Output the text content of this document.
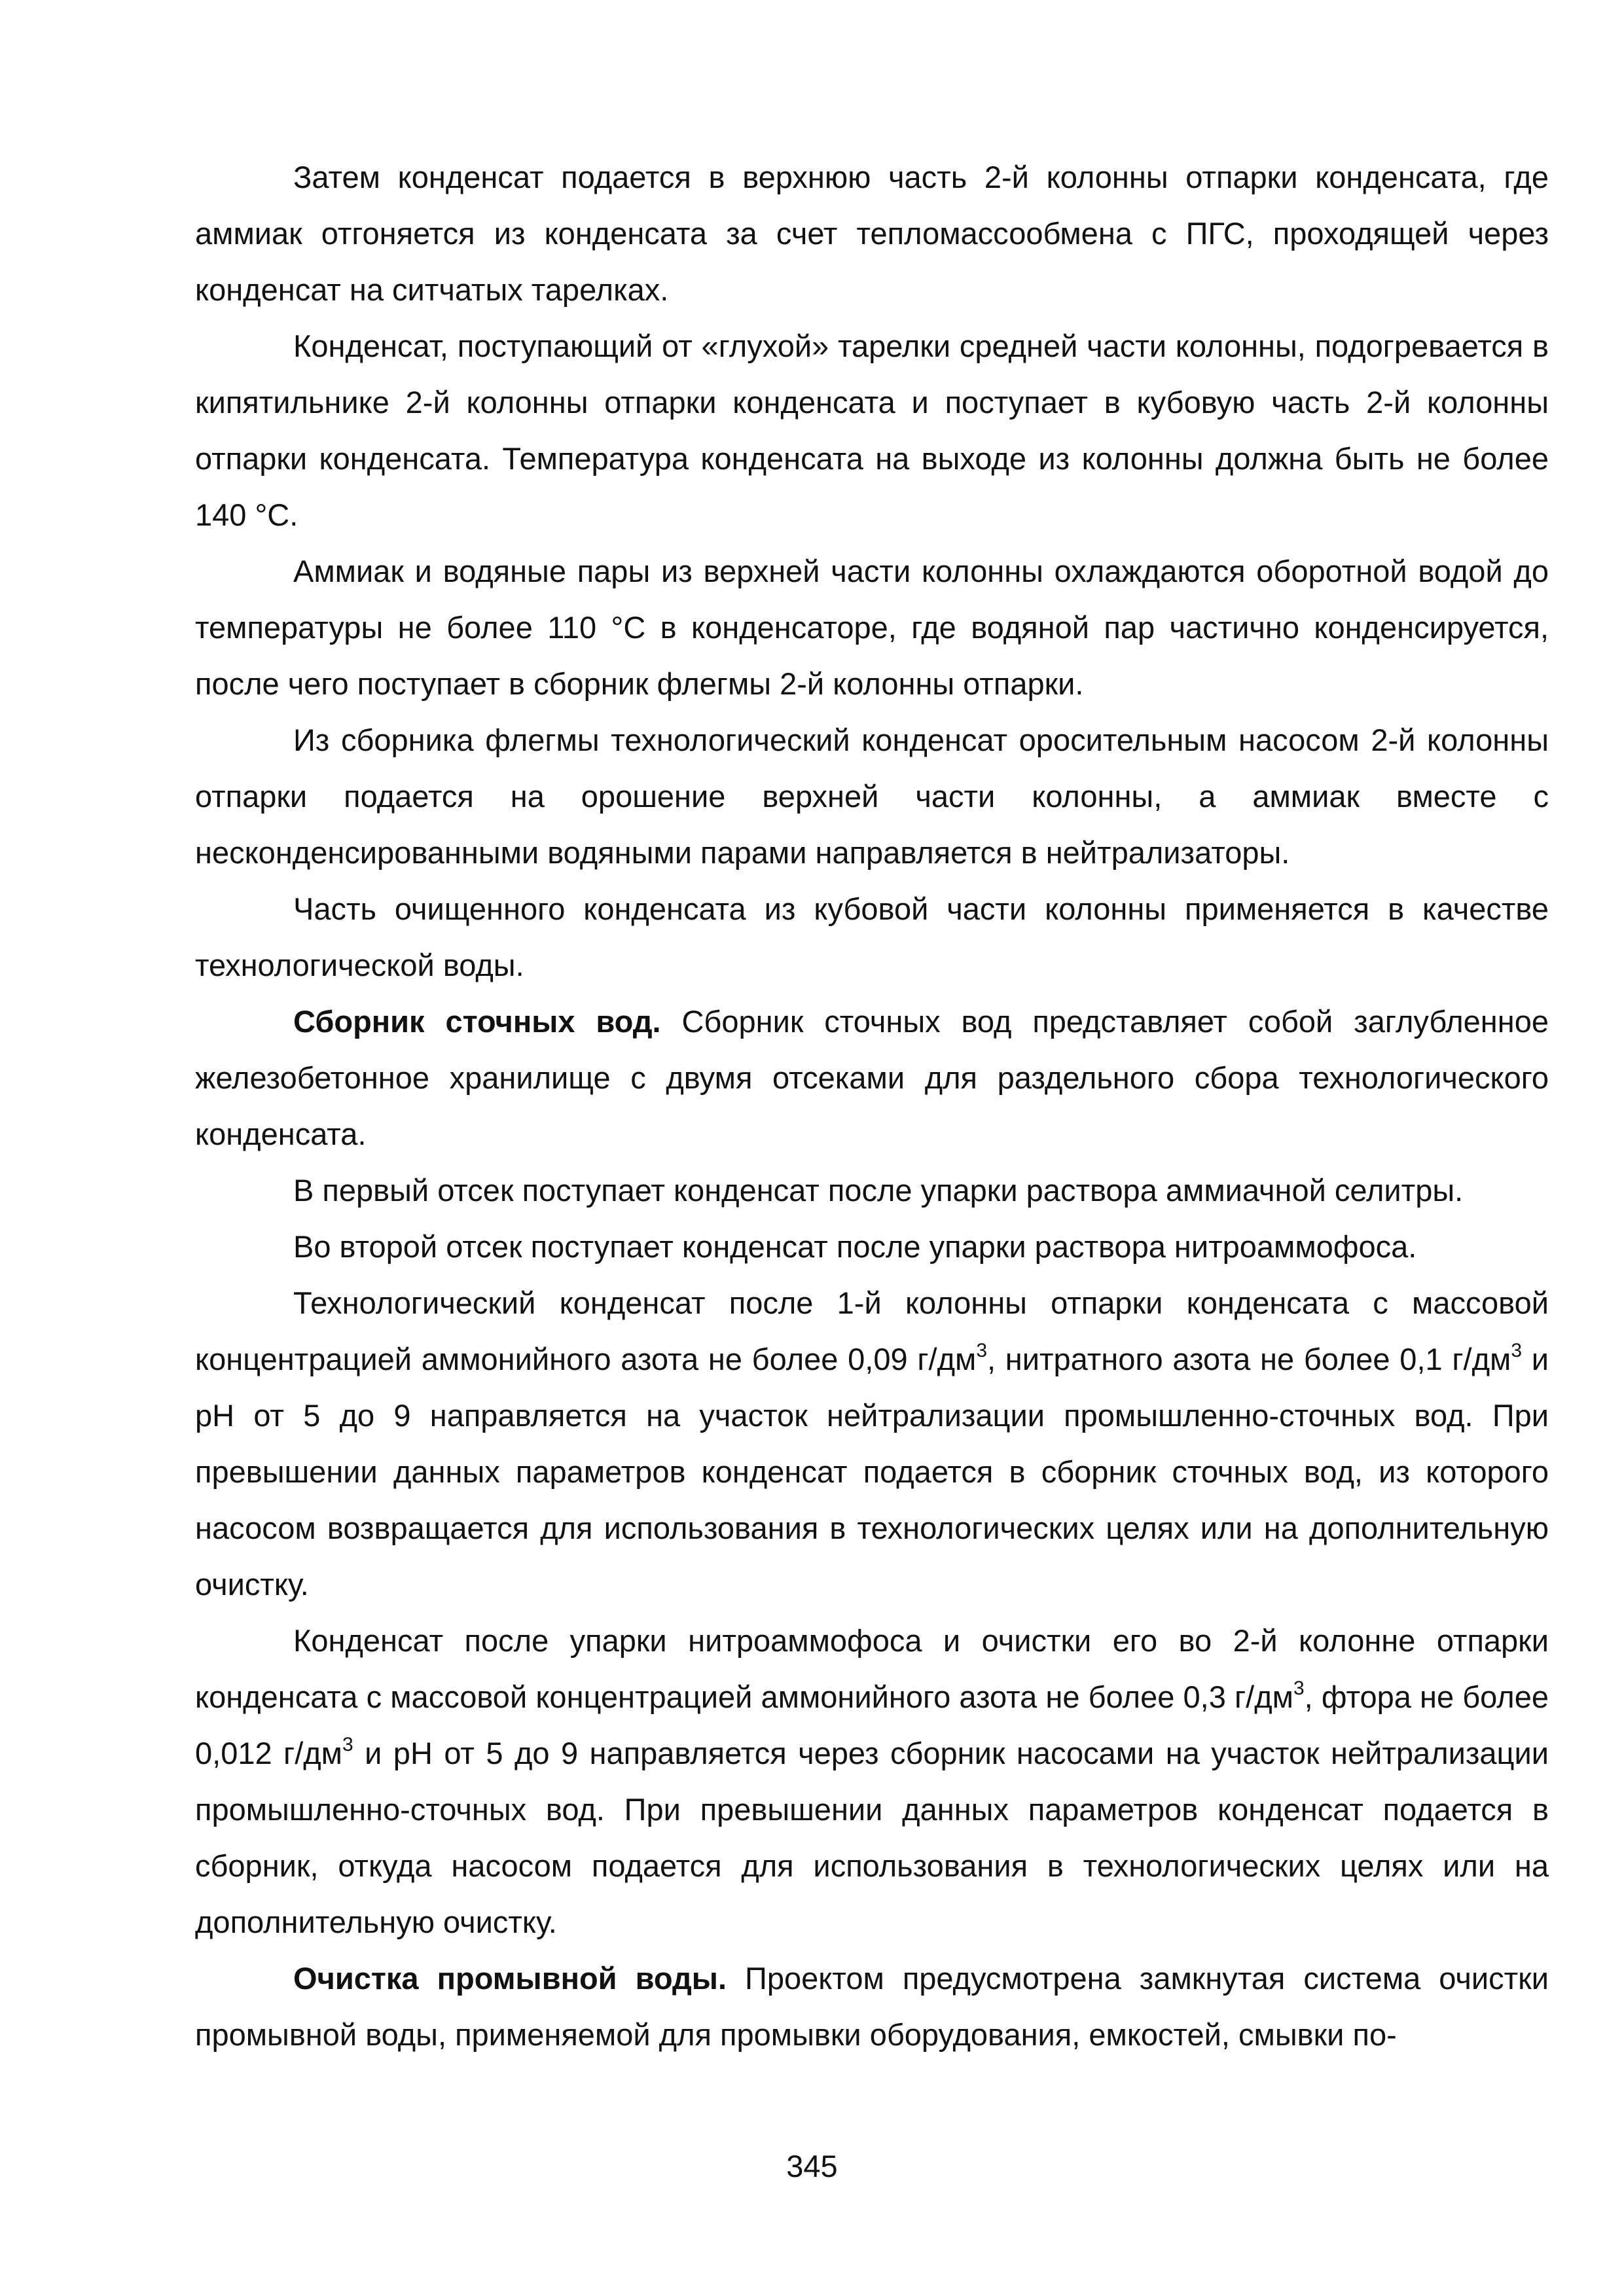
Затем конденсат подается в верхнюю часть 2-й колонны отпарки конденсата, где аммиак отгоняется из конденсата за счет тепломассообмена с ПГС, проходящей через конденсат на ситчатых тарелках.

Конденсат, поступающий от «глухой» тарелки средней части колонны, подогревается в кипятильнике 2-й колонны отпарки конденсата и поступает в кубовую часть 2-й колонны отпарки конденсата. Температура конденсата на выходе из колонны должна быть не более 140 °С.

Аммиак и водяные пары из верхней части колонны охлаждаются оборотной водой до температуры не более 110 °С в конденсаторе, где водяной пар частично конденсируется, после чего поступает в сборник флегмы 2-й колонны отпарки.

Из сборника флегмы технологический конденсат оросительным насосом 2-й колонны отпарки подается на орошение верхней части колонны, а аммиак вместе с несконденсированными водяными парами направляется в нейтрализаторы.

Часть очищенного конденсата из кубовой части колонны применяется в качестве технологической воды.

Сборник сточных вод. Сборник сточных вод представляет собой заглубленное железобетонное хранилище с двумя отсеками для раздельного сбора технологического конденсата.

В первый отсек поступает конденсат после упарки раствора аммиачной селитры.

Во второй отсек поступает конденсат после упарки раствора нитроаммофоса.

Технологический конденсат после 1-й колонны отпарки конденсата с массовой концентрацией аммонийного азота не более 0,09 $г/дм^3$, нитратного азота не более 0,1 $г/дм^3$ и рН от 5 до 9 направляется на участок нейтрализации промышленно-сточных вод. При превышении данных параметров конденсат подается в сборник сточных вод, из которого насосом возвращается для использования в технологических целях или на дополнительную очистку.

Конденсат после упарки нитроаммофоса и очистки его во 2-й колонне отпарки конденсата с массовой концентрацией аммонийного азота не более 0,3 $г/дм^3$, фтора не более 0,012 $г/дм^3$ и рН от 5 до 9 направляется через сборник насосами на участок нейтрализации промышленно-сточных вод. При превышении данных параметров конденсат подается в сборник, откуда насосом подается для использования в технологических целях или на дополнительную очистку.

Очистка промывной воды. Проектом предусмотрена замкнутая система очистки промывной воды, применяемой для промывки оборудования, емкостей, смывки по-

345
